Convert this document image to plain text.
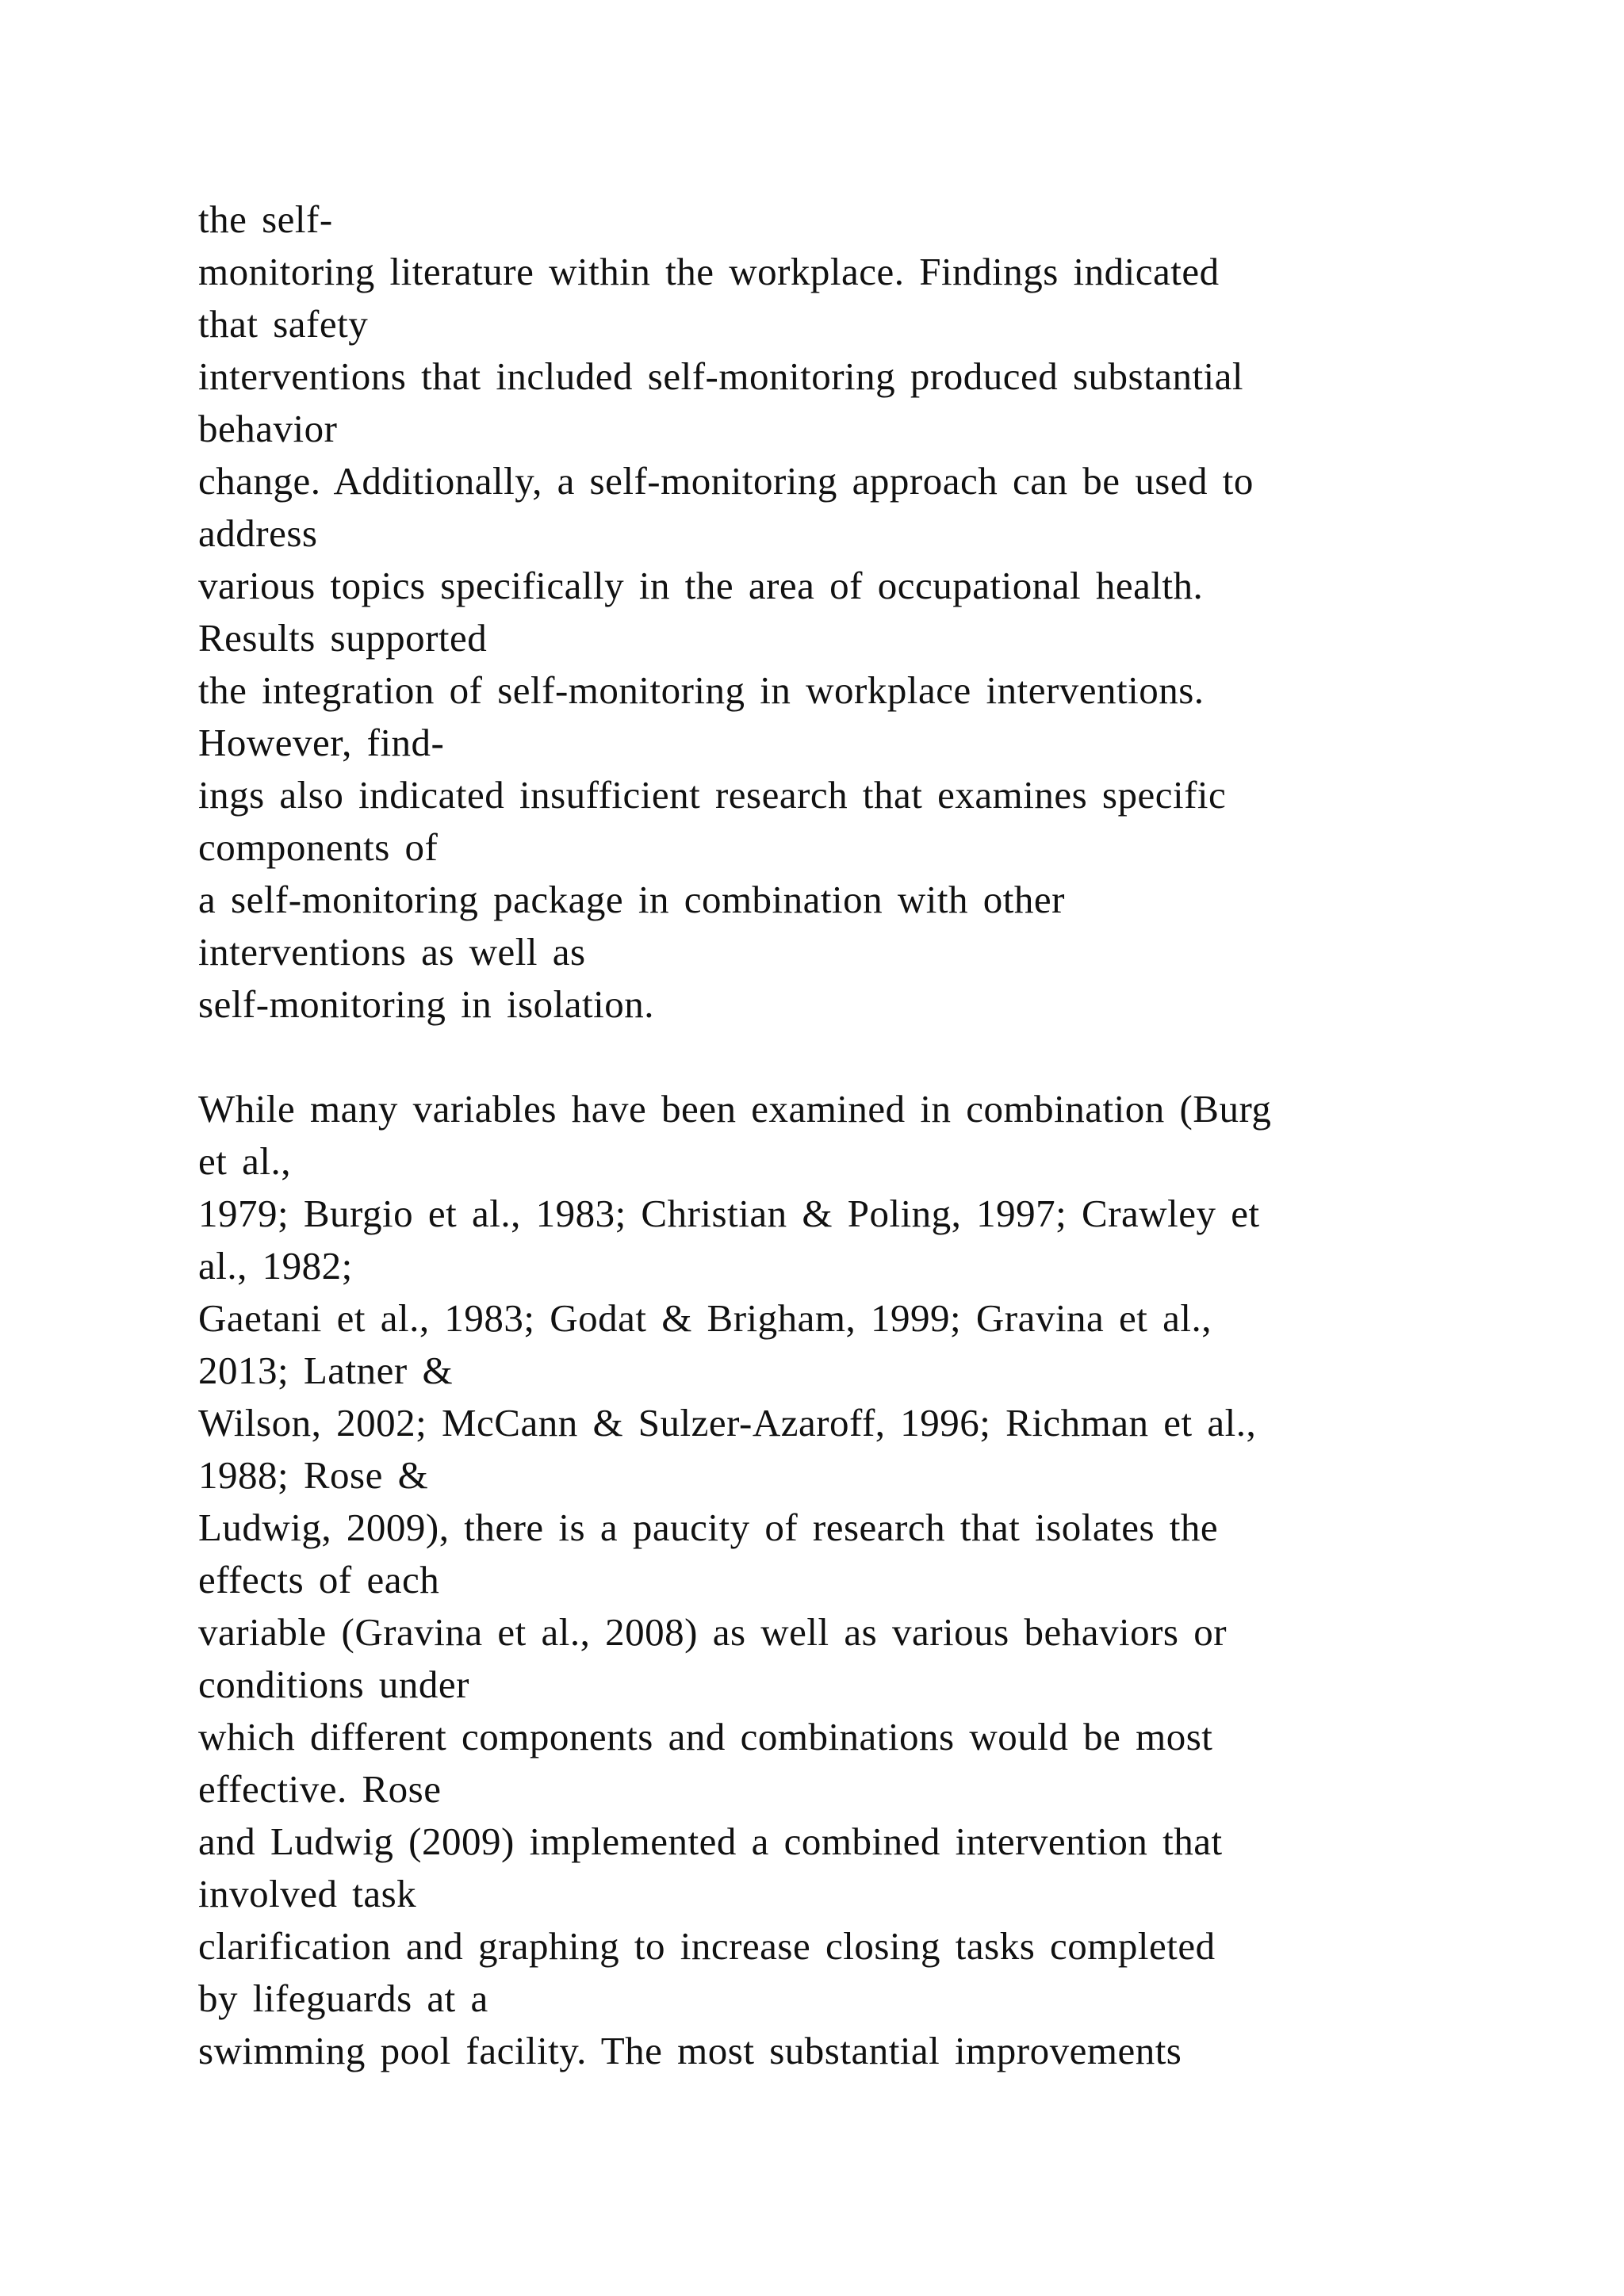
the self-
monitoring literature within the workplace. Findings indicated
that safety
interventions that included self-monitoring produced substantial
behavior
change. Additionally, a self-monitoring approach can be used to
address
various topics specifically in the area of occupational health.
Results supported
the integration of self-monitoring in workplace interventions.
However, find-
ings also indicated insufficient research that examines specific
components of
a self-monitoring package in combination with other
interventions as well as
self-monitoring in isolation.
While many variables have been examined in combination (Burg
et al.,
1979; Burgio et al., 1983; Christian & Poling, 1997; Crawley et
al., 1982;
Gaetani et al., 1983; Godat & Brigham, 1999; Gravina et al.,
2013; Latner &
Wilson, 2002; McCann & Sulzer-Azaroff, 1996; Richman et al.,
1988; Rose &
Ludwig, 2009), there is a paucity of research that isolates the
effects of each
variable (Gravina et al., 2008) as well as various behaviors or
conditions under
which different components and combinations would be most
effective. Rose
and Ludwig (2009) implemented a combined intervention that
involved task
clarification and graphing to increase closing tasks completed
by lifeguards at a
swimming pool facility. The most substantial improvements
